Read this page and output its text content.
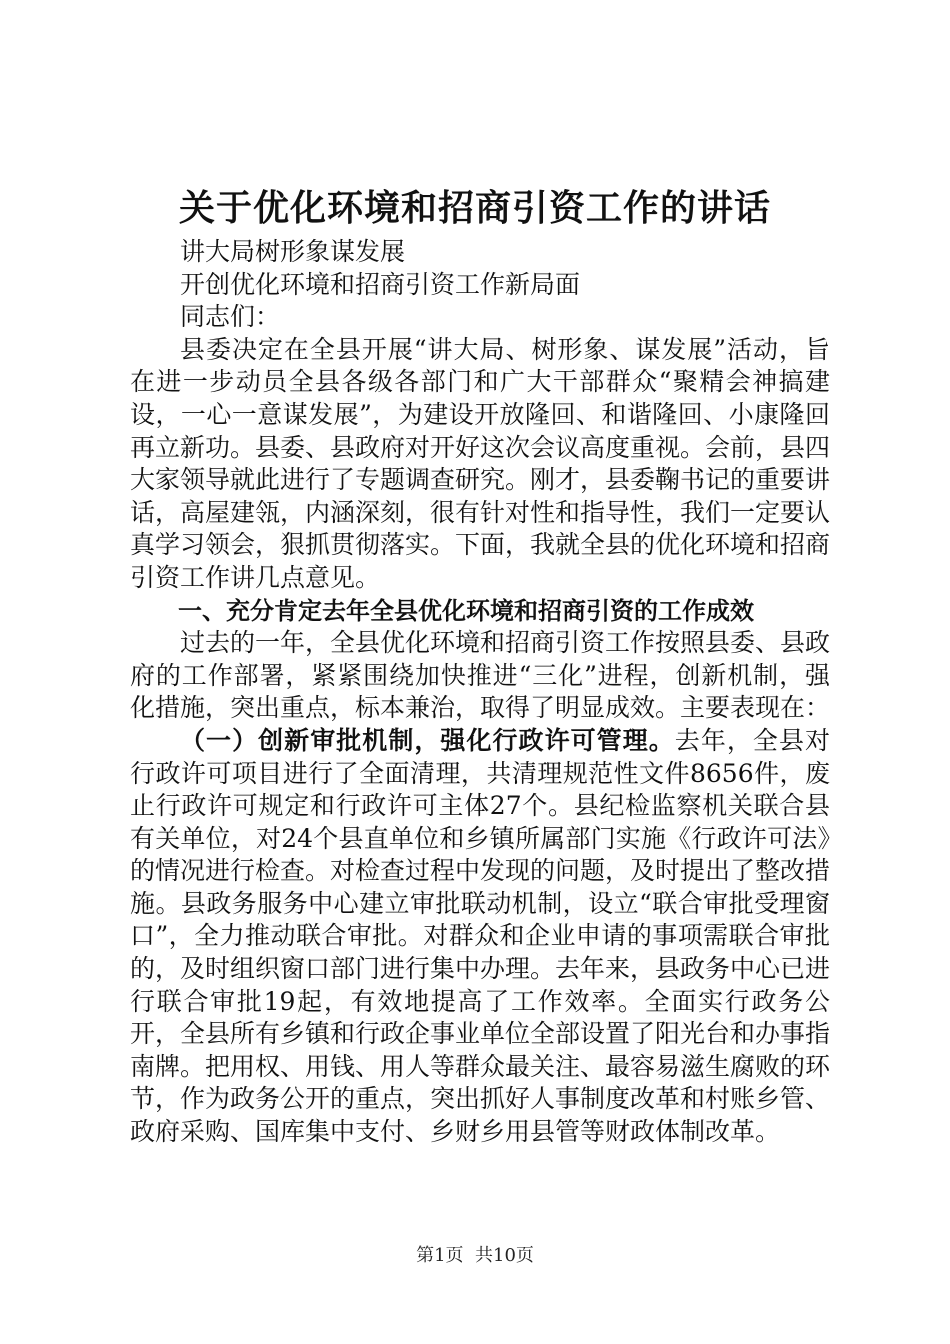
关于优化环境和招商引资工作的讲话

讲大局树形象谋发展

开创优化环境和招商引资工作新局面

同志们：

县委决定在全县开展“讲大局、树形象、谋发展”活动，旨在进一步动员全县各级各部门和广大干部群众“聚精会神搞建设，一心一意谋发展”，为建设开放隆回、和谐隆回、小康隆回再立新功。县委、县政府对开好这次会议高度重视。会前，县四大家领导就此进行了专题调查研究。刚才，县委鞠书记的重要讲话，高屋建瓴，内涵深刻，很有针对性和指导性，我们一定要认真学习领会，狠抓贯彻落实。下面，我就全县的优化环境和招商引资工作讲几点意见。

一、充分肯定去年全县优化环境和招商引资的工作成效

过去的一年，全县优化环境和招商引资工作按照县委、县政府的工作部署，紧紧围绕加快推进“三化”进程，创新机制，强化措施，突出重点，标本兼治，取得了明显成效。主要表现在：

（一）创新审批机制，强化行政许可管理。去年，全县对行政许可项目进行了全面清理，共清理规范性文件8656件，废止行政许可规定和行政许可主体27个。县纪检监察机关联合县有关单位，对24个县直单位和乡镇所属部门实施《行政许可法》的情况进行检查。对检查过程中发现的问题，及时提出了整改措施。县政务服务中心建立审批联动机制，设立“联合审批受理窗口”，全力推动联合审批。对群众和企业申请的事项需联合审批的，及时组织窗口部门进行集中办理。去年来，县政务中心已进行联合审批19起，有效地提高了工作效率。全面实行政务公开，全县所有乡镇和行政企事业单位全部设置了阳光台和办事指南牌。把用权、用钱、用人等群众最关注、最容易滋生腐败的环节，作为政务公开的重点，突出抓好人事制度改革和村账乡管、政府采购、国库集中支付、乡财乡用县管等财政体制改革。

第1页 共10页
